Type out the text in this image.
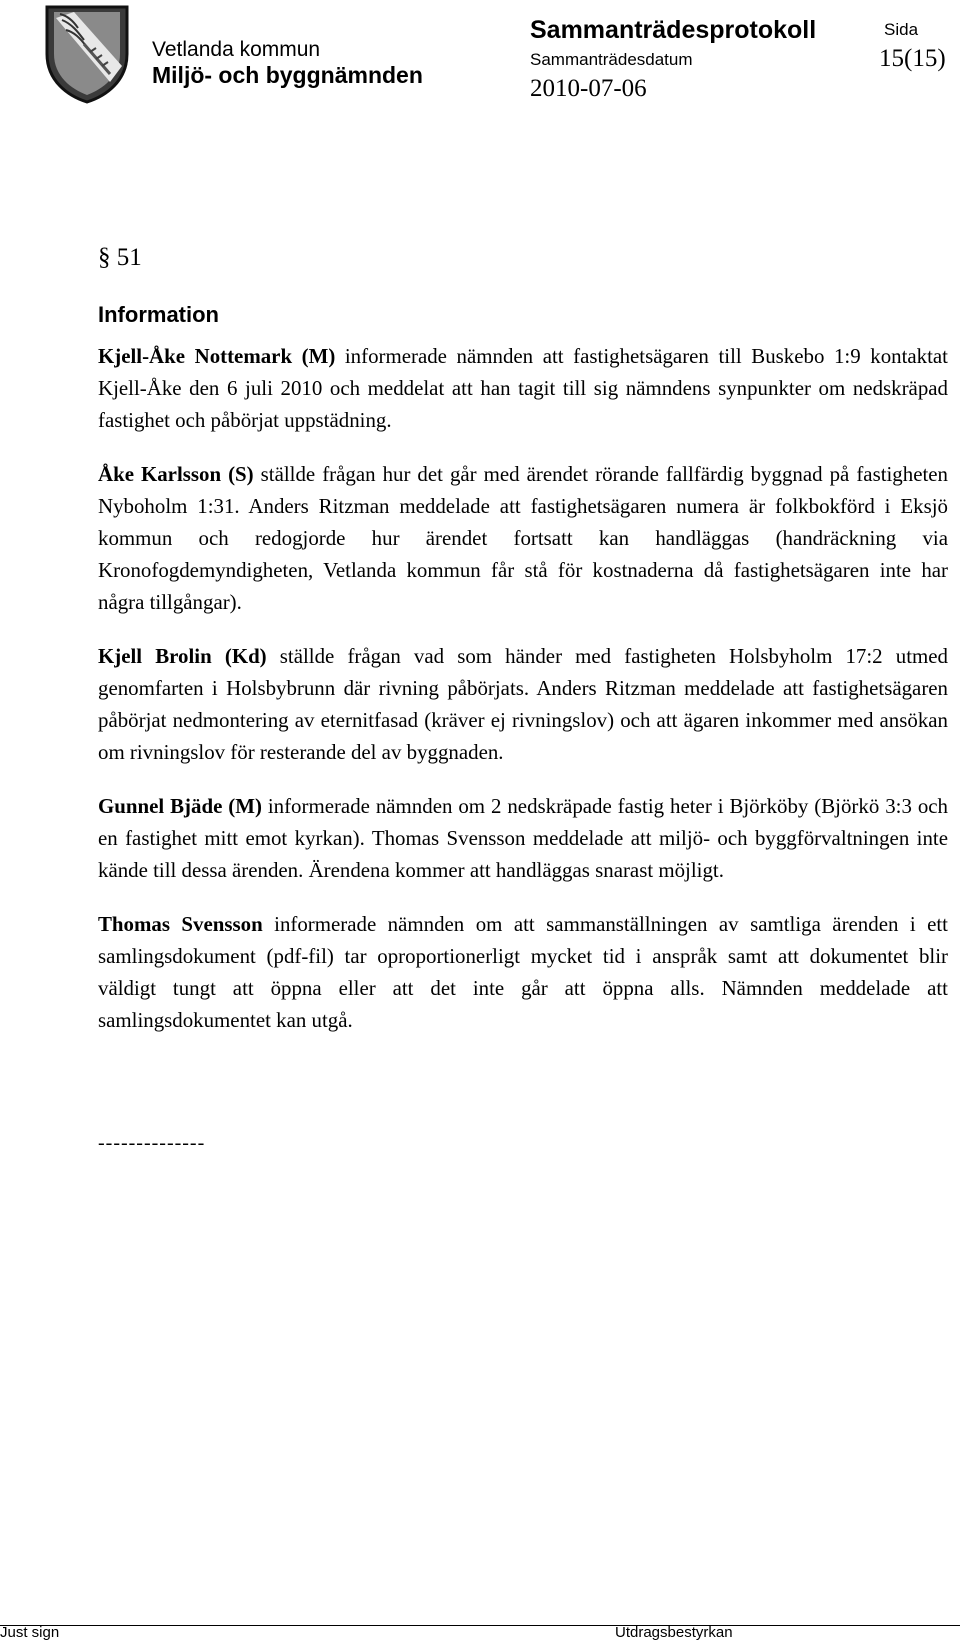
Vetlanda kommun
Miljö- och byggnämnden
Sammanträdesprotokoll
Sammanträdesdatum
2010-07-06
Sida
15(15)
§ 51
Information

Kjell-Åke Nottemark (M) informerade nämnden att fastighetsägaren till Buskebo 1:9 kontaktat Kjell-Åke den 6 juli 2010 och meddelat att han tagit till sig nämndens synpunkter om nedskräpad fastighet och påbörjat uppstädning.

Åke Karlsson (S) ställde frågan hur det går med ärendet rörande fallfärdig byggnad på fastigheten Nyboholm 1:31. Anders Ritzman meddelade att fastighetsägaren numera är folkbokförd i Eksjö kommun och redogjorde hur ärendet fortsatt kan handläggas (handräckning via Kronofogdemyndigheten, Vetlanda kommun får stå för kostnaderna då fastighetsägaren inte har några tillgångar).

Kjell Brolin (Kd) ställde frågan vad som händer med fastigheten Holsbyholm 17:2 utmed genomfarten i Holsbybrunn där rivning påbörjats. Anders Ritzman meddelade att fastighetsägaren påbörjat nedmontering av eternitfasad (kräver ej rivningslov) och att ägaren inkommer med ansökan om rivningslov för resterande del av byggnaden.

Gunnel Bjäde (M) informerade nämnden om 2 nedskräpade fastig heter i Björköby (Björkö 3:3 och en fastighet mitt emot kyrkan). Thomas Svensson meddelade att miljö- och byggförvaltningen inte kände till dessa ärenden. Ärendena kommer att handläggas snarast möjligt.

Thomas Svensson informerade nämnden om att sammanställningen av samtliga ärenden i ett samlingsdokument (pdf-fil) tar oproportionerligt mycket tid i anspråk samt att dokumentet blir väldigt tungt att öppna eller att det inte går att öppna alls. Nämnden meddelade att samlingsdokumentet kan utgå.

--------------
Just sign	Utdragsbestyrkan
